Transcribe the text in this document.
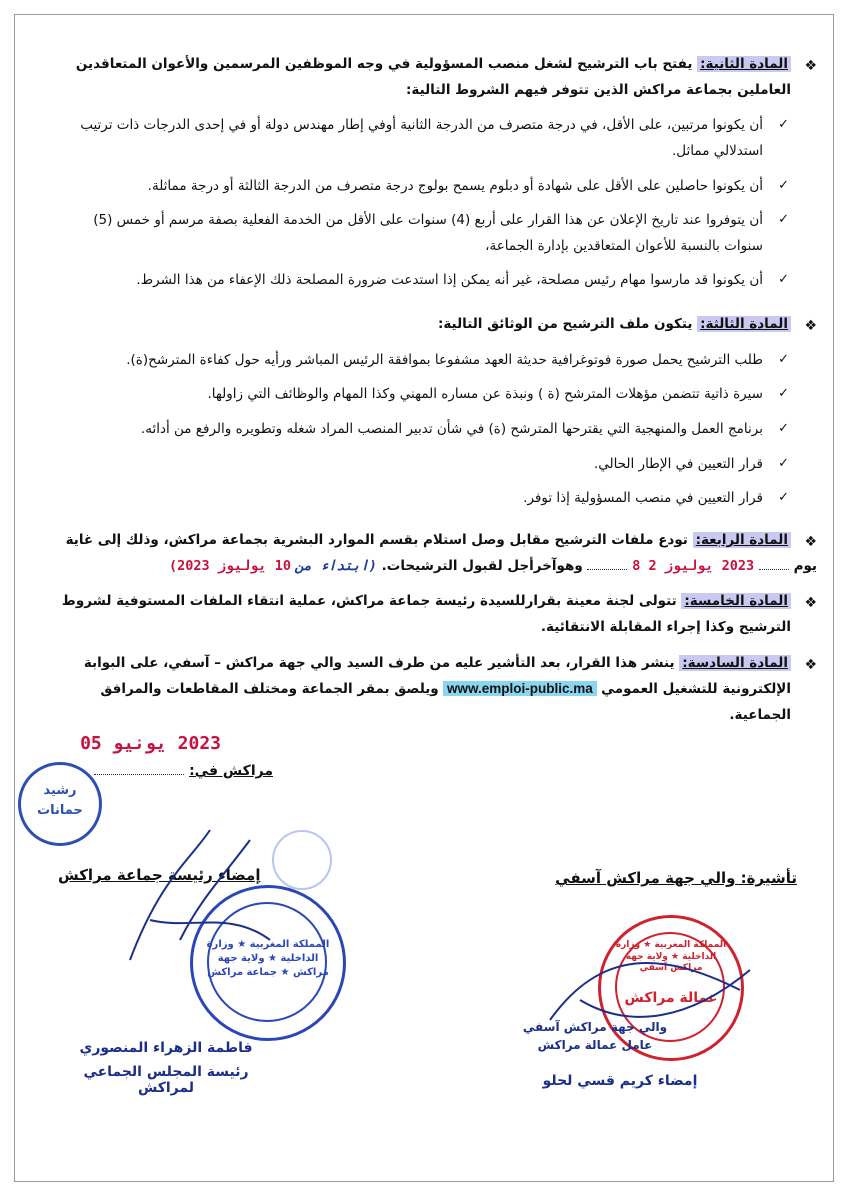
❖
المادة الثانية: يفتح باب الترشيح لشغل منصب المسؤولية في وجه الموظفين المرسمين والأعوان المتعاقدين العاملين بجماعة مراكش الذين تتوفر فيهم الشروط التالية:
✓
أن يكونوا مرتبين، على الأقل، في درجة متصرف من الدرجة الثانية أوفي إطار مهندس دولة أو في إحدى الدرجات ذات ترتيب استدلالي مماثل.
✓
أن يكونوا حاصلين على الأقل على شهادة أو دبلوم يسمح بولوج درجة متصرف من الدرجة الثالثة أو درجة مماثلة.
✓
أن يتوفروا عند تاريخ الإعلان عن هذا القرار على أربع (4) سنوات على الأقل من الخدمة الفعلية بصفة مرسم أو خمس (5) سنوات بالنسبة للأعوان المتعاقدين بإدارة الجماعة،
✓
أن يكونوا قد مارسوا مهام رئيس مصلحة، غير أنه يمكن إذا استدعت ضرورة المصلحة ذلك الإعفاء من هذا الشرط.
❖
المادة الثالثة: يتكون ملف الترشيح من الوثائق التالية:
✓
طلب الترشيح يحمل صورة فوتوغرافية حديثة العهد مشفوعا بموافقة الرئيس المباشر ورأيه حول كفاءة المترشح(ة).
✓
سيرة ذاتية تتضمن مؤهلات المترشح (ة ) ونبذة عن مساره المهني وكذا المهام والوظائف التي زاولها.
✓
برنامج العمل والمنهجية التي يقترحها المترشح (ة) في شأن تدبير المنصب المراد شغله وتطويره والرفع من أدائه.
✓
قرار التعيين في الإطار الحالي.
✓
قرار التعيين في منصب المسؤولية إذا توفر.
❖
المادة الرابعة: تودع ملفات الترشيح مقابل وصل استلام بقسم الموارد البشرية بجماعة مراكش، وذلك إلى غاية
يوم  2023 يوليوز 2 8  وهوآخرأجل لقبول الترشيحات. (ابتداء من 10 يوليوز 2023)
❖
المادة الخامسة: تتولى لجنة معينة بقرارللسيدة رئيسة جماعة مراكش، عملية انتقاء الملفات المستوفية لشروط الترشيح وكذا إجراء المقابلة الانتقائية.
❖
المادة السادسة: ينشر هذا القرار، بعد التأشير عليه من طرف السيد والي جهة مراكش – آسفي، على البوابة الإلكترونية للتشغيل العمومي www.emploi-public.ma ويلصق بمقر الجماعة ومختلف المقاطعات والمرافق الجماعية.
2023 يونيو 05
مراكش في:
رشيد
حمانات
إمضاء رئيسة جماعة مراكش	تأشيرة: والي جهة مراكش آسفي
المملكة المغربية ★ وزارة الداخلية ★ ولاية جهة مراكش ★ جماعة مراكش
فاطمة الزهراء المنصوري
رئيسة المجلس الجماعي لمراكش
المملكة المغربية ★ وزارة الداخلية ★ ولاية جهة مراكش آسفي
عمالة مراكش
والي جهة مراكش آسفي
عامل عمالة مراكش
إمضاء كريم قسي لحلو
